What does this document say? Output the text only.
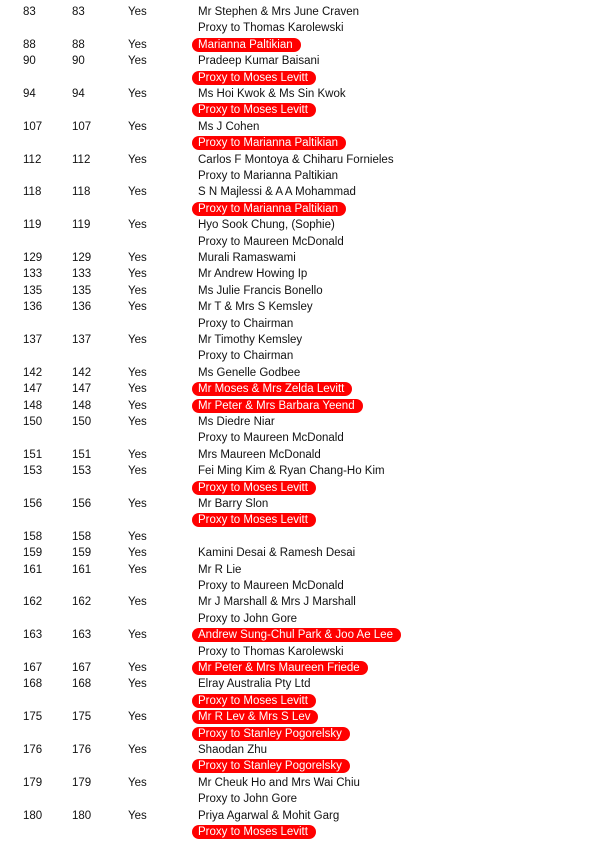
83	83	Yes	Mr Stephen & Mrs June Craven
Proxy to Thomas Karolewski
88	88	Yes	Marianna Paltikian
90	90	Yes	Pradeep Kumar Baisani
Proxy to Moses Levitt
94	94	Yes	Ms Hoi Kwok & Ms Sin Kwok
Proxy to Moses Levitt
107	107	Yes	Ms J Cohen
Proxy to Marianna Paltikian
112	112	Yes	Carlos F Montoya & Chiharu Fornieles
Proxy to Marianna Paltikian
118	118	Yes	S N Majlessi & A A Mohammad
Proxy to Marianna Paltikian
119	119	Yes	Hyo Sook Chung, (Sophie)
Proxy to Maureen McDonald
129	129	Yes	Murali Ramaswami
133	133	Yes	Mr Andrew Howing Ip
135	135	Yes	Ms Julie Francis Bonello
136	136	Yes	Mr T & Mrs S Kemsley
Proxy to Chairman
137	137	Yes	Mr Timothy Kemsley
Proxy to Chairman
142	142	Yes	Ms Genelle Godbee
147	147	Yes	Mr Moses & Mrs Zelda Levitt
148	148	Yes	Mr Peter & Mrs Barbara Yeend
150	150	Yes	Ms Diedre Niar
Proxy to Maureen McDonald
151	151	Yes	Mrs Maureen McDonald
153	153	Yes	Fei Ming Kim & Ryan Chang-Ho Kim
Proxy to Moses Levitt
156	156	Yes	Mr Barry Slon
Proxy to Moses Levitt
158	158	Yes
159	159	Yes	Kamini Desai & Ramesh Desai
161	161	Yes	Mr R Lie
Proxy to Maureen McDonald
162	162	Yes	Mr J Marshall & Mrs J Marshall
Proxy to John Gore
163	163	Yes	Andrew Sung-Chul Park & Joo Ae Lee
Proxy to Thomas Karolewski
167	167	Yes	Mr Peter & Mrs Maureen Friede
168	168	Yes	Elray Australia Pty Ltd
Proxy to Moses Levitt
175	175	Yes	Mr R Lev & Mrs S Lev
Proxy to Stanley Pogorelsky
176	176	Yes	Shaodan Zhu
Proxy to Stanley Pogorelsky
179	179	Yes	Mr Cheuk Ho and Mrs Wai Chiu
Proxy to John Gore
180	180	Yes	Priya Agarwal & Mohit Garg
Proxy to Moses Levitt
